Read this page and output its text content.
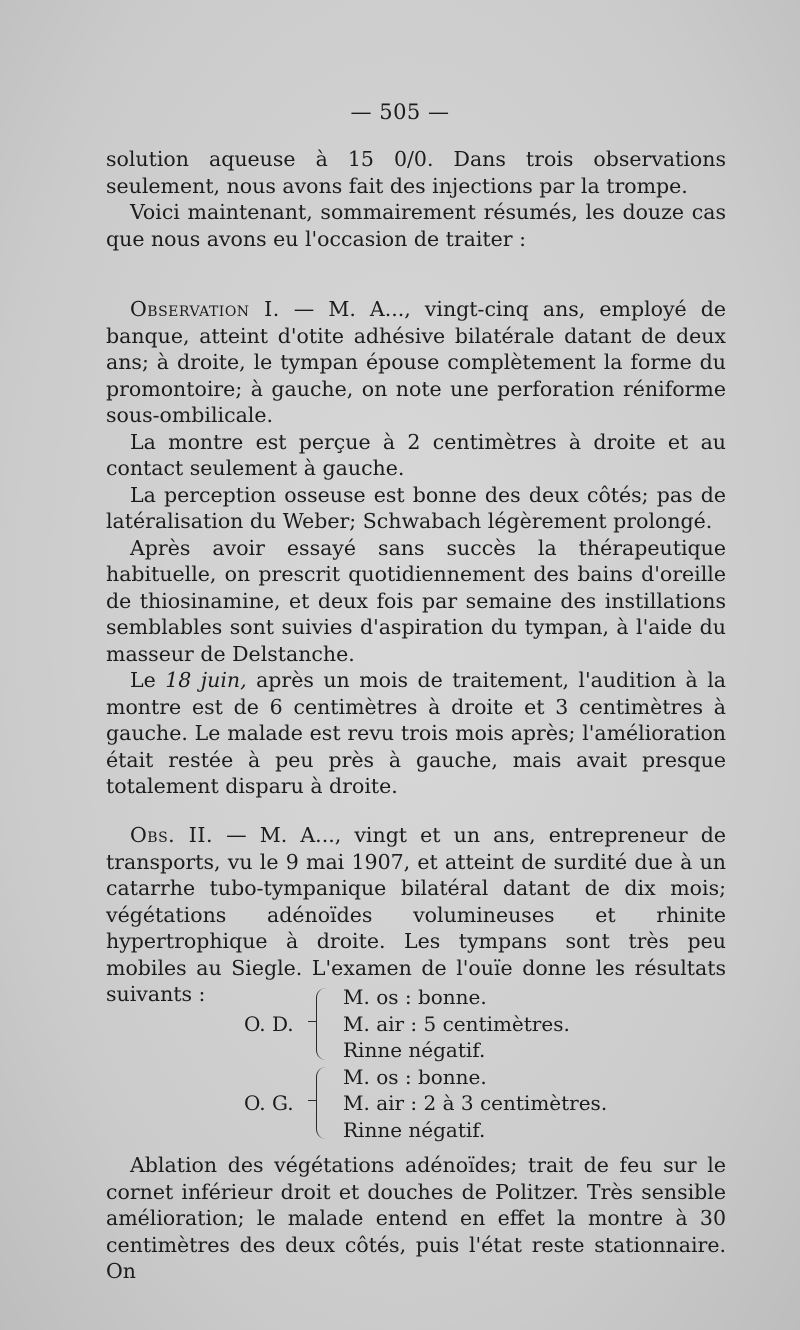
— 505 —

solution aqueuse à 15 0/0. Dans trois observations seulement, nous avons fait des injections par la trompe.

Voici maintenant, sommairement résumés, les douze cas que nous avons eu l'occasion de traiter :

Observation I. — M. A..., vingt-cinq ans, employé de banque, atteint d'otite adhésive bilatérale datant de deux ans; à droite, le tympan épouse complètement la forme du promontoire; à gauche, on note une perforation réniforme sous-ombilicale.

La montre est perçue à 2 centimètres à droite et au contact seulement à gauche.

La perception osseuse est bonne des deux côtés; pas de latéralisation du Weber; Schwabach légèrement prolongé.

Après avoir essayé sans succès la thérapeutique habituelle, on prescrit quotidiennement des bains d'oreille de thiosinamine, et deux fois par semaine des instillations semblables sont suivies d'aspiration du tympan, à l'aide du masseur de Delstanche.

Le 18 juin, après un mois de traitement, l'audition à la montre est de 6 centimètres à droite et 3 centimètres à gauche. Le malade est revu trois mois après; l'amélioration était restée à peu près à gauche, mais avait presque totalement disparu à droite.

Obs. II. — M. A..., vingt et un ans, entrepreneur de transports, vu le 9 mai 1907, et atteint de surdité due à un catarrhe tubo-tympanique bilatéral datant de dix mois; végétations adénoïdes volumineuses et rhinite hypertrophique à droite. Les tympans sont très peu mobiles au Siegle. L'examen de l'ouïe donne les résultats suivants :

O. D.
M. os : bonne.
M. air : 5 centimètres.
Rinne négatif.
O. G.
M. os : bonne.
M. air : 2 à 3 centimètres.
Rinne négatif.

Ablation des végétations adénoïdes; trait de feu sur le cornet inférieur droit et douches de Politzer. Très sensible amélioration; le malade entend en effet la montre à 30 centimètres des deux côtés, puis l'état reste stationnaire. On
